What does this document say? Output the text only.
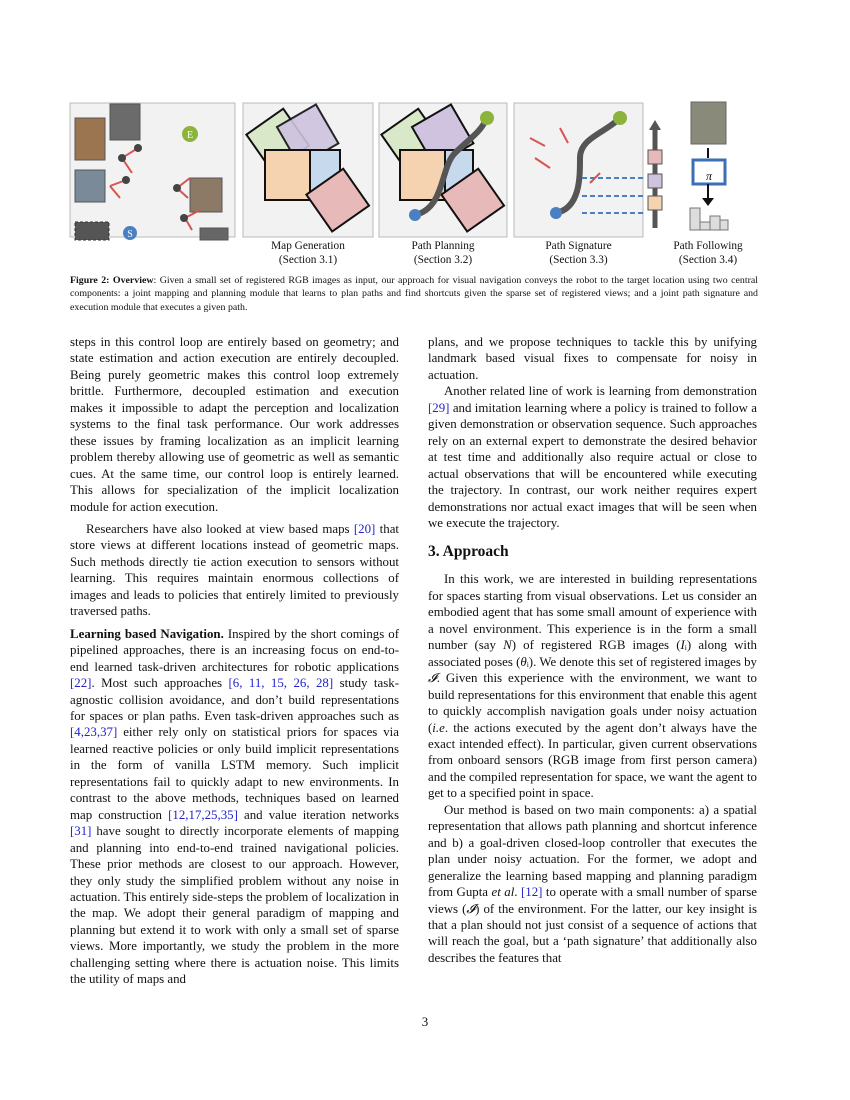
E
S
π
Map Generation
(Section 3.1)
Path Planning
(Section 3.2)
Path Signature
(Section 3.3)
Path Following
(Section 3.4)
Figure 2: Overview: Given a small set of registered RGB images as input, our approach for visual navigation conveys the robot to the target location using two central components: a joint mapping and planning module that learns to plan paths and find shortcuts given the sparse set of registered views; and a joint path signature and execution module that executes a given path.

steps in this control loop are entirely based on geometry; and state estimation and action execution are entirely decoupled. Being purely geometric makes this control loop extremely brittle. Furthermore, decoupled estimation and execution makes it impossible to adapt the perception and localization systems to the final task performance. Our work addresses these issues by framing localization as an implicit learning problem thereby allowing use of geometric as well as semantic cues. At the same time, our control loop is entirely learned. This allows for specialization of the implicit localization module for action execution.

Researchers have also looked at view based maps [20] that store views at different locations instead of geometric maps. Such methods directly tie action execution to sensors without learning. This requires maintain enormous collections of images and leads to policies that entirely limited to previously traversed paths.

Learning based Navigation. Inspired by the short comings of pipelined approaches, there is an increasing focus on end-to-end learned task-driven architectures for robotic applications [22]. Most such approaches [6, 11, 15, 26, 28] study task-agnostic collision avoidance, and don’t build representations for spaces or plan paths. Even task-driven approaches such as [4,23,37] either rely only on statistical priors for spaces via learned reactive policies or only build implicit representations in the form of vanilla LSTM memory. Such implicit representations fail to quickly adapt to new environments. In contrast to the above methods, techniques based on learned map construction [12,17,25,35] and value iteration networks [31] have sought to directly incorporate elements of mapping and planning into end-to-end trained navigational policies. These prior methods are closest to our approach. However, they only study the simplified problem without any noise in actuation. This entirely side-steps the problem of localization in the map. We adopt their general paradigm of mapping and planning but extend it to work with only a small set of sparse views. More importantly, we study the problem in the more challenging setting where there is actuation noise. This limits the utility of maps and

plans, and we propose techniques to tackle this by unifying landmark based visual fixes to compensate for noisy in actuation.

Another related line of work is learning from demonstration [29] and imitation learning where a policy is trained to follow a given demonstration or observation sequence. Such approaches rely on an external expert to demonstrate the desired behavior at test time and additionally also require actual or close to actual observations that will be encountered while executing the trajectory. In contrast, our work neither requires expert demonstrations nor actual exact images that will be seen when we execute the trajectory.

3. Approach

In this work, we are interested in building representations for spaces starting from visual observations. Let us consider an embodied agent that has some small amount of experience with a novel environment. This experience is in the form a small number (say N) of registered RGB images (Iᵢ) along with associated poses (θᵢ). We denote this set of registered images by 𝓘. Given this experience with the environment, we want to build representations for this environment that enable this agent to quickly accomplish navigation goals under noisy actuation (i.e. the actions executed by the agent don’t always have the exact intended effect). In particular, given current observations from onboard sensors (RGB image from first person camera) and the compiled representation for space, we want the agent to get to a specified point in space.

Our method is based on two main components: a) a spatial representation that allows path planning and shortcut inference and b) a goal-driven closed-loop controller that executes the plan under noisy actuation. For the former, we adopt and generalize the learning based mapping and planning paradigm from Gupta et al. [12] to operate with a small number of sparse views (𝓘) of the environment. For the latter, our key insight is that a plan should not just consist of a sequence of actions that will reach the goal, but a ‘path signature’ that additionally also describes the features that

3
